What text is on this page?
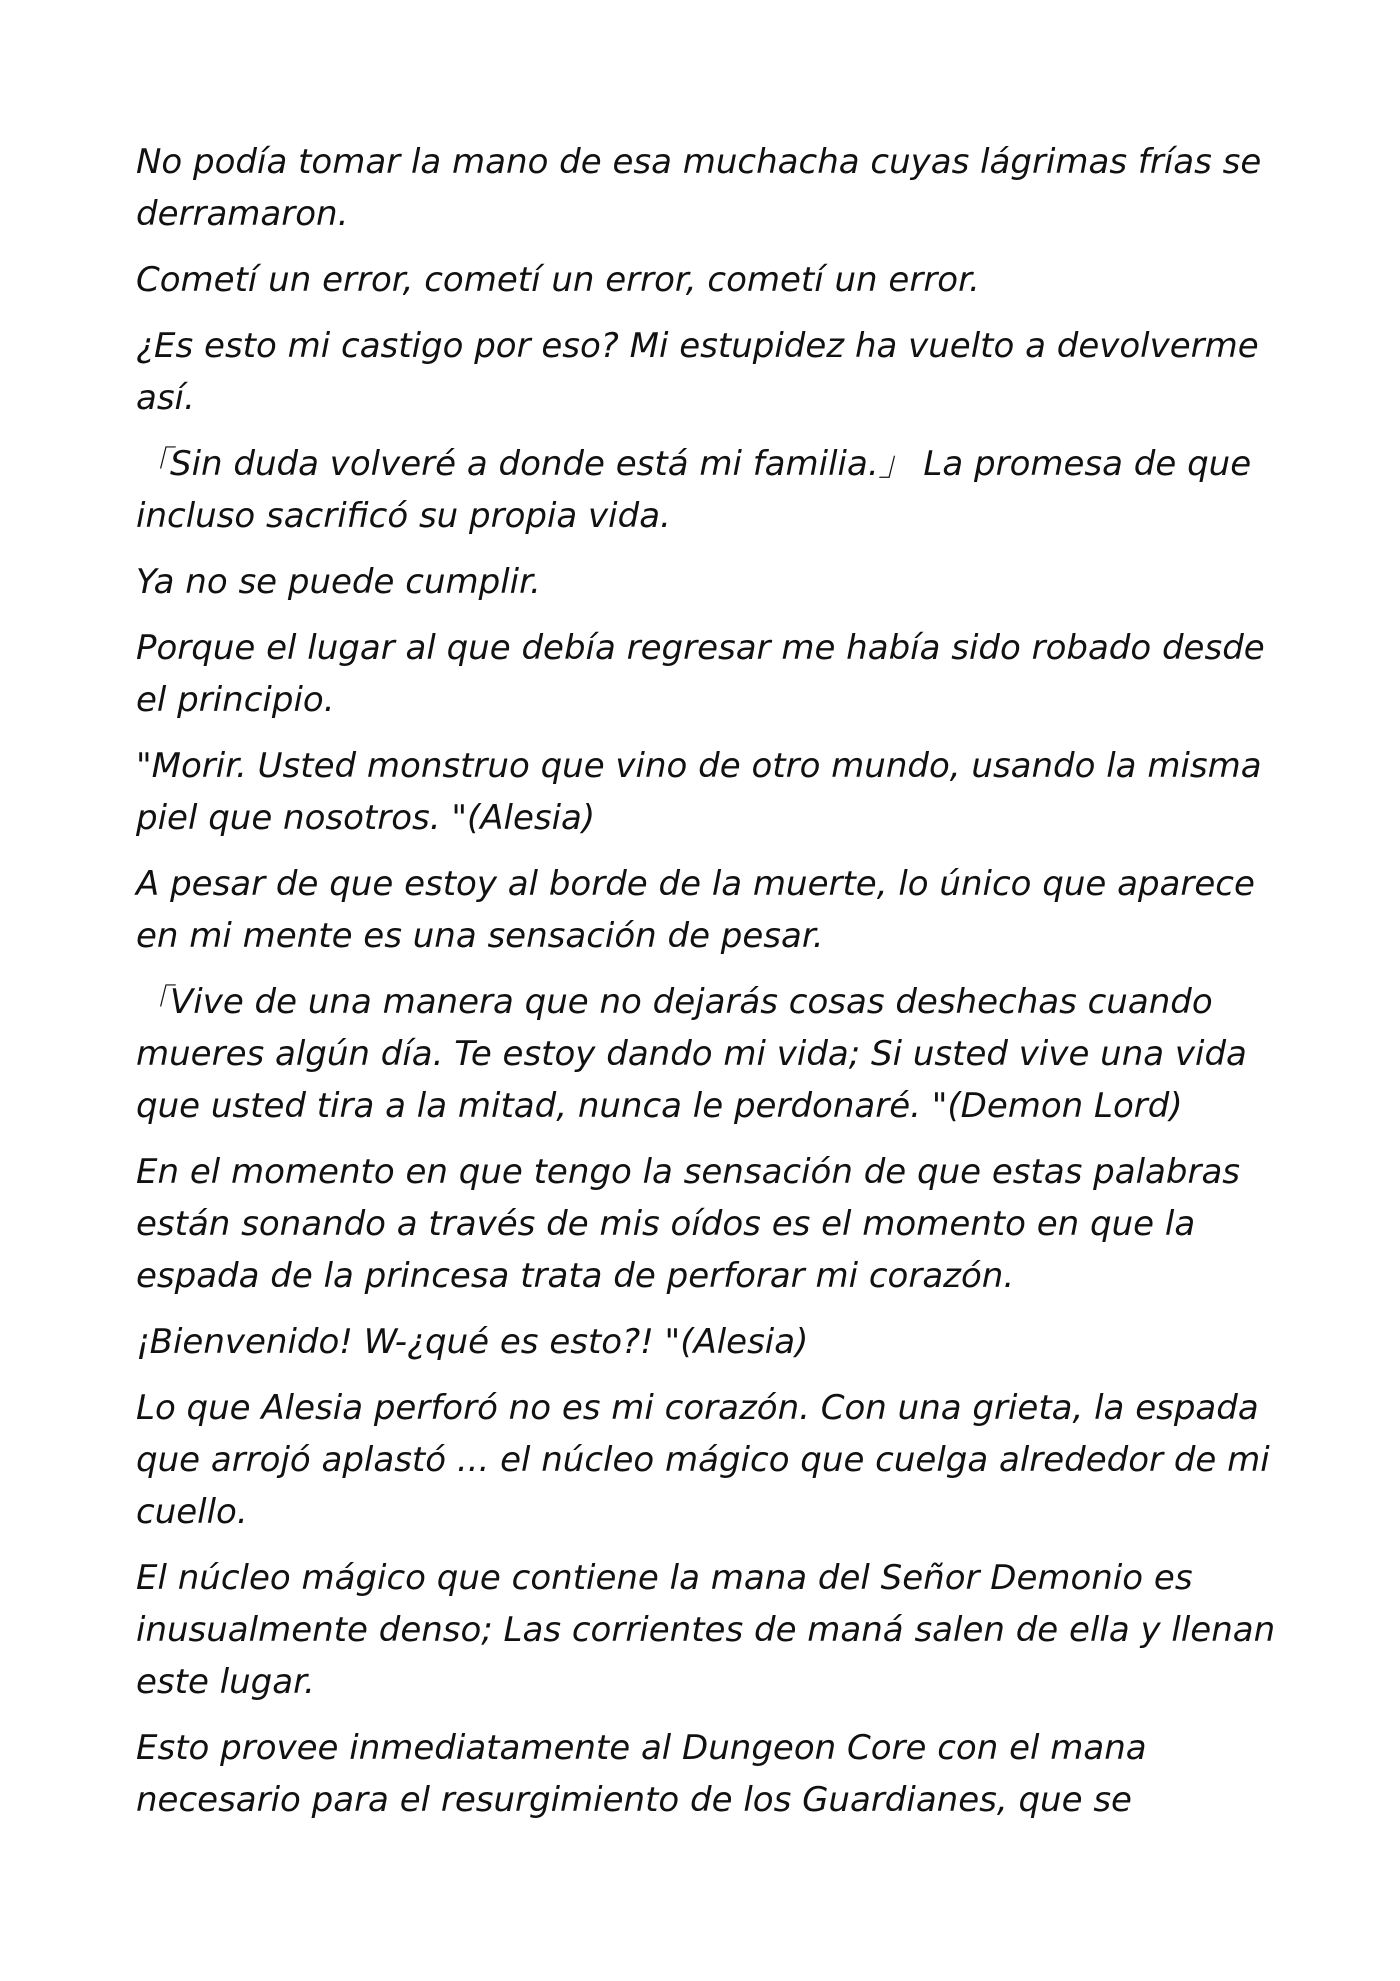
No podía tomar la mano de esa muchacha cuyas lágrimas frías se derramaron.

Cometí un error, cometí un error, cometí un error.

¿Es esto mi castigo por eso? Mi estupidez ha vuelto a devolverme así.

「Sin duda volveré a donde está mi familia.」 La promesa de que incluso sacrificó su propia vida.

Ya no se puede cumplir.

Porque el lugar al que debía regresar me había sido robado desde el principio.

"Morir. Usted monstruo que vino de otro mundo, usando la misma piel que nosotros. "(Alesia)

A pesar de que estoy al borde de la muerte, lo único que aparece en mi mente es una sensación de pesar.

「Vive de una manera que no dejarás cosas deshechas cuando mueres algún día. Te estoy dando mi vida; Si usted vive una vida que usted tira a la mitad, nunca le perdonaré. "(Demon Lord)

En el momento en que tengo la sensación de que estas palabras están sonando a través de mis oídos es el momento en que la espada de la princesa trata de perforar mi corazón.

¡Bienvenido! W-¿qué es esto?! "(Alesia)

Lo que Alesia perforó no es mi corazón. Con una grieta, la espada que arrojó aplastó ... el núcleo mágico que cuelga alrededor de mi cuello.

El núcleo mágico que contiene la mana del Señor Demonio es inusualmente denso; Las corrientes de maná salen de ella y llenan este lugar.

Esto provee inmediatamente al Dungeon Core con el mana necesario para el resurgimiento de los Guardianes, que se
